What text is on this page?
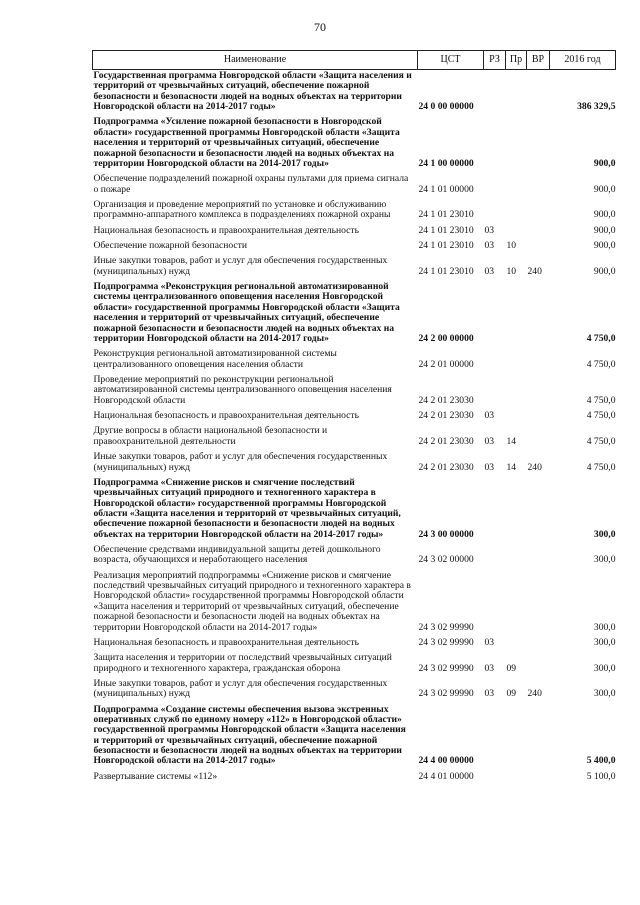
70
Наименование	ЦСТ	РЗ	Пр	ВР	2016 год
Государственная программа Новгородской области «Защита населения и территорий от чрезвычайных ситуаций, обеспечение пожарной безопасности и безопасности людей на водных объектах на территории Новгородской области на 2014-2017 годы»	24 0 00 00000				386 329,5
Подпрограмма «Усиление пожарной безопасности в Новгородской области» государственной программы Новгородской области «Защита населения и территорий от чрезвычайных ситуаций, обеспечение пожарной безопасности и безопасности людей на водных объектах на территории Новгородской области на 2014-2017 годы»	24 1 00 00000				900,0
Обеспечение подразделений пожарной охраны пультами для приема сигнала о пожаре	24 1 01 00000				900,0
Организация и проведение мероприятий по установке и обслуживанию программно-аппаратного комплекса в подразделениях пожарной охраны	24 1 01 23010				900,0
Национальная безопасность и правоохранительная деятельность	24 1 01 23010	03			900,0
Обеспечение пожарной безопасности	24 1 01 23010	03	10		900,0
Иные закупки товаров, работ и услуг для обеспечения государственных (муниципальных) нужд	24 1 01 23010	03	10	240	900,0
Подпрограмма «Реконструкция региональной автоматизированной системы централизованного оповещения населения Новгородской области» государственной программы Новгородской области «Защита населения и территорий от чрезвычайных ситуаций, обеспечение пожарной безопасности и безопасности людей на водных объектах на территории Новгородской области на 2014-2017 годы»	24 2 00 00000				4 750,0
Реконструкция региональной автоматизированной системы централизованного оповещения населения области	24 2 01 00000				4 750,0
Проведение мероприятий по реконструкции региональной автоматизированной системы централизованного оповещения населения Новгородской области	24 2 01 23030				4 750,0
Национальная безопасность и правоохранительная деятельность	24 2 01 23030	03			4 750,0
Другие вопросы в области национальной безопасности и правоохранительной деятельности	24 2 01 23030	03	14		4 750,0
Иные закупки товаров, работ и услуг для обеспечения государственных (муниципальных) нужд	24 2 01 23030	03	14	240	4 750,0
Подпрограмма «Снижение рисков и смягчение последствий чрезвычайных ситуаций природного и техногенного характера в Новгородской области» государственной программы Новгородской области «Защита населения и территорий от чрезвычайных ситуаций, обеспечение пожарной безопасности и безопасности людей на водных объектах на территории Новгородской области на 2014-2017 годы»	24 3 00 00000				300,0
Обеспечение средствами индивидуальной защиты детей дошкольного возраста, обучающихся и неработающего населения	24 3 02 00000				300,0
Реализация мероприятий подпрограммы «Снижение рисков и смягчение последствий чрезвычайных ситуаций природного и техногенного характера в Новгородской области» государственной программы Новгородской области «Защита населения и территорий от чрезвычайных ситуаций, обеспечение пожарной безопасности и безопасности людей на водных объектах на территории Новгородской области на 2014-2017 годы»	24 3 02 99990				300,0
Национальная безопасность и правоохранительная деятельность	24 3 02 99990	03			300,0
Защита населения и территории от последствий чрезвычайных ситуаций природного и техногенного характера, гражданская оборона	24 3 02 99990	03	09		300,0
Иные закупки товаров, работ и услуг для обеспечения государственных (муниципальных) нужд	24 3 02 99990	03	09	240	300,0
Подпрограмма «Создание системы обеспечения вызова экстренных оперативных служб по единому номеру «112» в Новгородской области» государственной программы Новгородской области «Защита населения и территорий от чрезвычайных ситуаций, обеспечение пожарной безопасности и безопасности людей на водных объектах на территории Новгородской области на 2014-2017 годы»	24 4 00 00000				5 400,0
Развертывание системы «112»	24 4 01 00000				5 100,0
